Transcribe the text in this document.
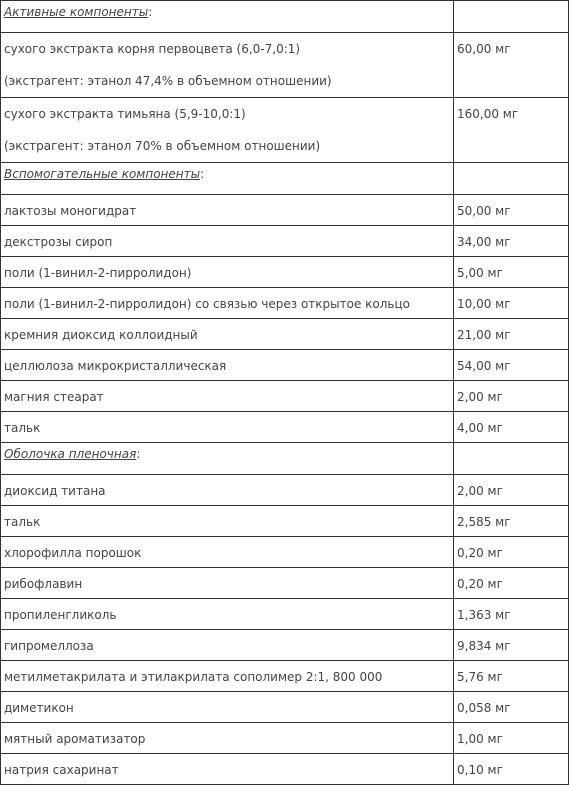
Активные компоненты:	

сухого экстракта корня первоцвета (6,0-7,0:1)
(экстрагент: этанол 47,4% в объемном отношении)	60,00 мг

сухого экстракта тимьяна (5,9-10,0:1)
(экстрагент: этанол 70% в объемном отношении)	160,00 мг

Вспомогательные компоненты:	
лактозы моногидрат	50,00 мг
декстрозы сироп	34,00 мг
поли (1-винил-2-пирролидон)	5,00 мг
поли (1-винил-2-пирролидон) со связью через открытое кольцо	10,00 мг
кремния диоксид коллоидный	21,00 мг
целлюлоза микрокристаллическая	54,00 мг
магния стеарат	2,00 мг
тальк	4,00 мг
Оболочка пленочная:	
диоксид титана	2,00 мг
тальк	2,585 мг
хлорофилла порошок	0,20 мг
рибофлавин	0,20 мг
пропиленгликоль	1,363 мг
гипромеллоза	9,834 мг
метилметакрилата и этилакрилата сополимер 2:1, 800 000	5,76 мг
диметикон	0,058 мг
мятный ароматизатор	1,00 мг
натрия сахаринат	0,10 мг
